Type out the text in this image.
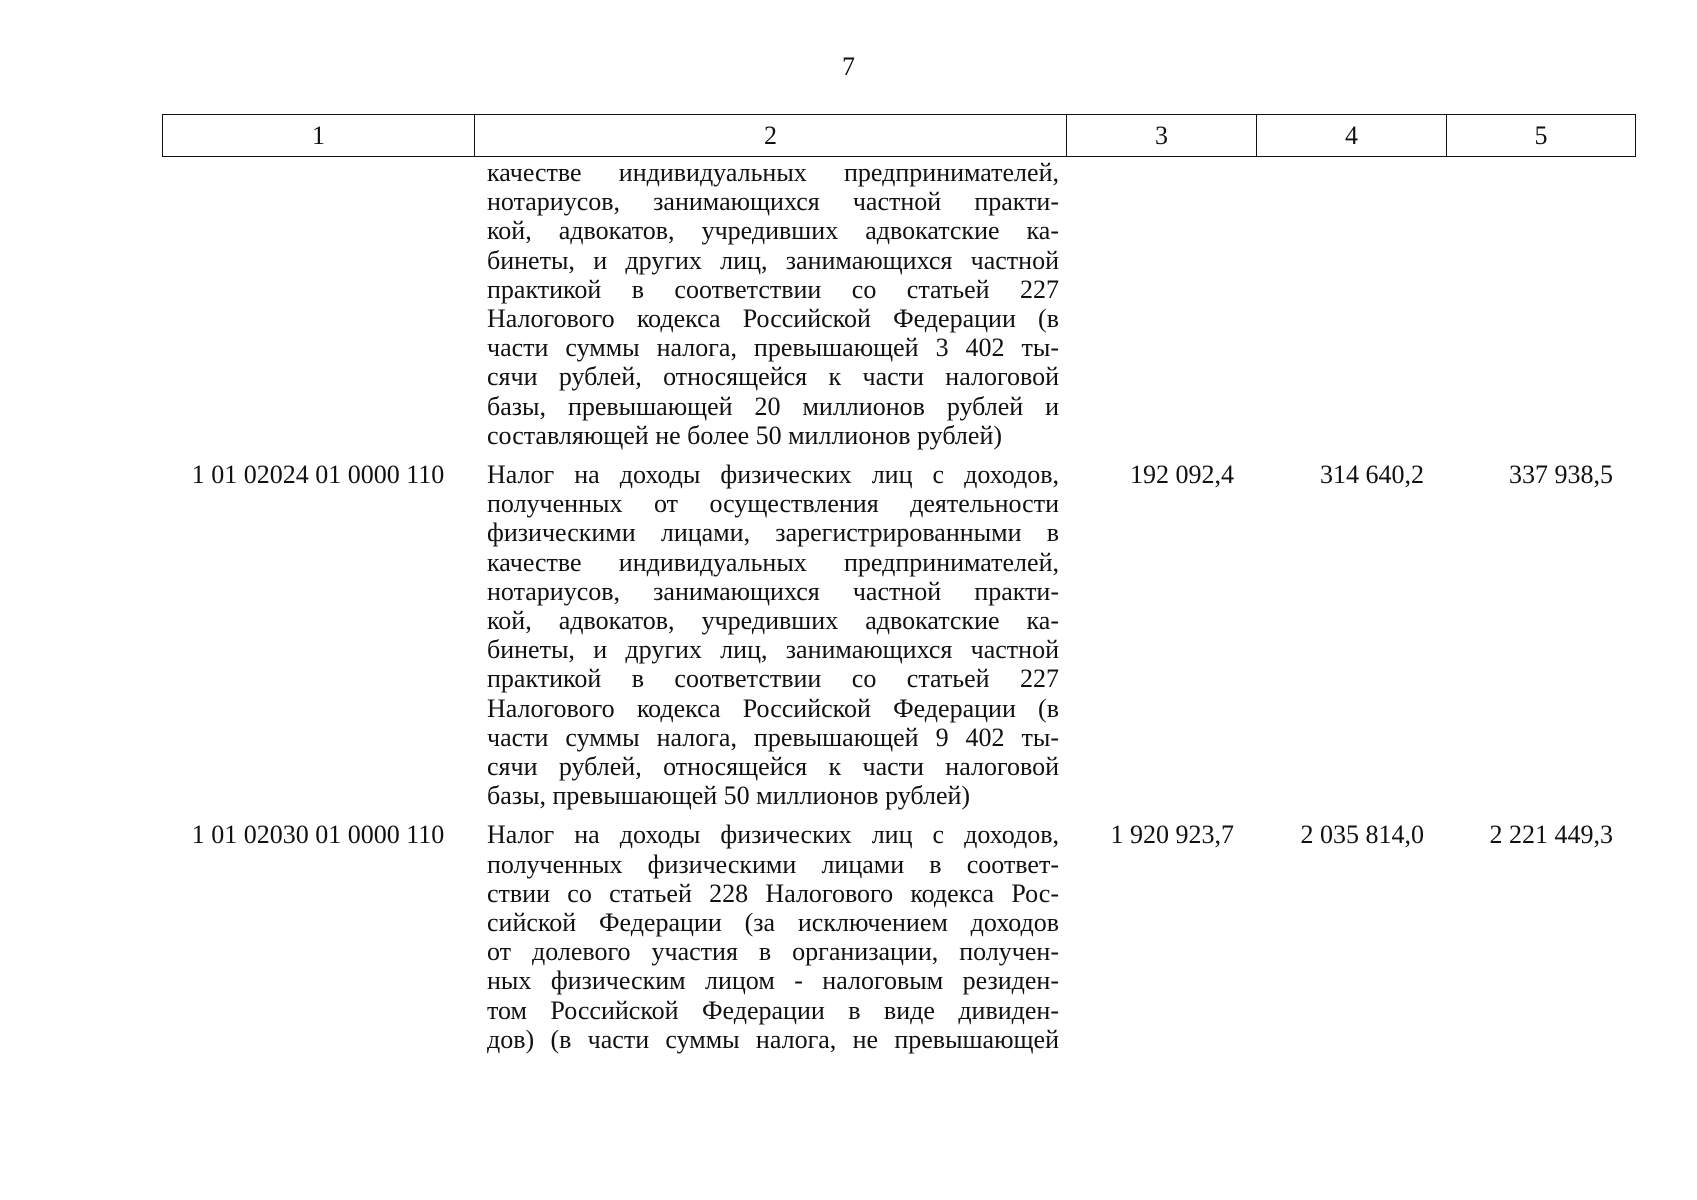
7
1	2	3	4	5
качестве индивидуальных предпринимателей,
нотариусов, занимающихся частной практи-
кой, адвокатов, учредивших адвокатские ка-
бинеты, и других лиц, занимающихся частной
практикой в соответствии со статьей 227
Налогового кодекса Российской Федерации (в
части суммы налога, превышающей 3 402 ты-
сячи рублей, относящейся к части налоговой
базы, превышающей 20 миллионов рублей и
составляющей не более 50 миллионов рублей)
1 01 02024 01 0000 110	Налог на доходы физических лиц с доходов,
полученных от осуществления деятельности
физическими лицами, зарегистрированными в
качестве индивидуальных предпринимателей,
нотариусов, занимающихся частной практи-
кой, адвокатов, учредивших адвокатские ка-
бинеты, и других лиц, занимающихся частной
практикой в соответствии со статьей 227
Налогового кодекса Российской Федерации (в
части суммы налога, превышающей 9 402 ты-
сячи рублей, относящейся к части налоговой
базы, превышающей 50 миллионов рублей)
192 092,4	314 640,2	337 938,5
1 01 02030 01 0000 110	Налог на доходы физических лиц с доходов,
полученных физическими лицами в соответ-
ствии со статьей 228 Налогового кодекса Рос-
сийской Федерации (за исключением доходов
от долевого участия в организации, получен-
ных физическим лицом - налоговым резиден-
том Российской Федерации в виде дивиден-
дов) (в части суммы налога, не превышающей
1 920 923,7	2 035 814,0	2 221 449,3
